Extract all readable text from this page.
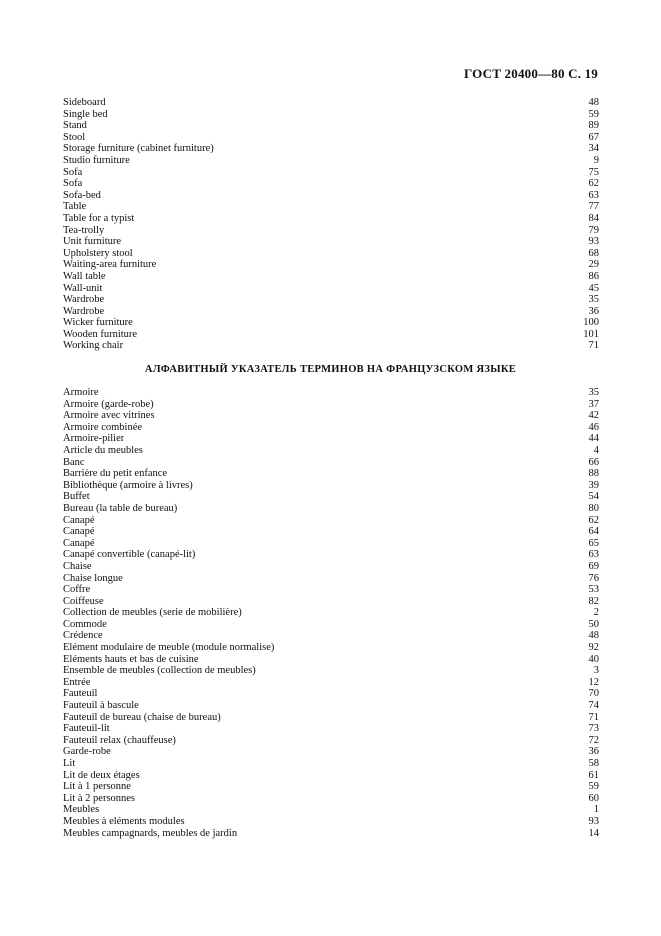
ГОСТ 20400—80 С. 19
Sideboard	48
Single bed	59
Stand	89
Stool	67
Storage furniture (cabinet furniture)	34
Studio furniture	9
Sofa	75
Sofa	62
Sofa-bed	63
Table	77
Table for a typist	84
Tea-trolly	79
Unit furniture	93
Upholstery stool	68
Waiting-area furniture	29
Wall table	86
Wall-unit	45
Wardrobe	35
Wardrobe	36
Wicker furniture	100
Wooden furniture	101
Working chair	71
АЛФАВИТНЫЙ УКАЗАТЕЛЬ ТЕРМИНОВ НА ФРАНЦУЗСКОМ ЯЗЫКЕ
Armoire	35
Armoire (garde-robe)	37
Armoire avec vitrines	42
Armoire combinée	46
Armoire-pilier	44
Article du meubles	4
Banc	66
Barrière du petit enfance	88
Bibliothèque (armoire à livres)	39
Buffet	54
Bureau (la table de bureau)	80
Canapé	62
Canapé	64
Canapé	65
Canapé convertible (canapé-lit)	63
Chaise	69
Chaise longue	76
Coffre	53
Coiffeuse	82
Collection de meubles (serie de mobilière)	2
Commode	50
Crédence	48
Elément modulaire de meuble (module normalise)	92
Eléments hauts et bas de cuisine	40
Ensemble de meubles (collection de meubles)	3
Entrée	12
Fauteuil	70
Fauteuil à bascule	74
Fauteuil de bureau (chaise de bureau)	71
Fauteuil-lit	73
Fauteuil relax (chauffeuse)	72
Garde-robe	36
Lit	58
Lit de deux étages	61
Lit à 1 personne	59
Lit à 2 personnes	60
Meubles	1
Meubles à eléments modules	93
Meubles campagnards, meubles de jardin	14
